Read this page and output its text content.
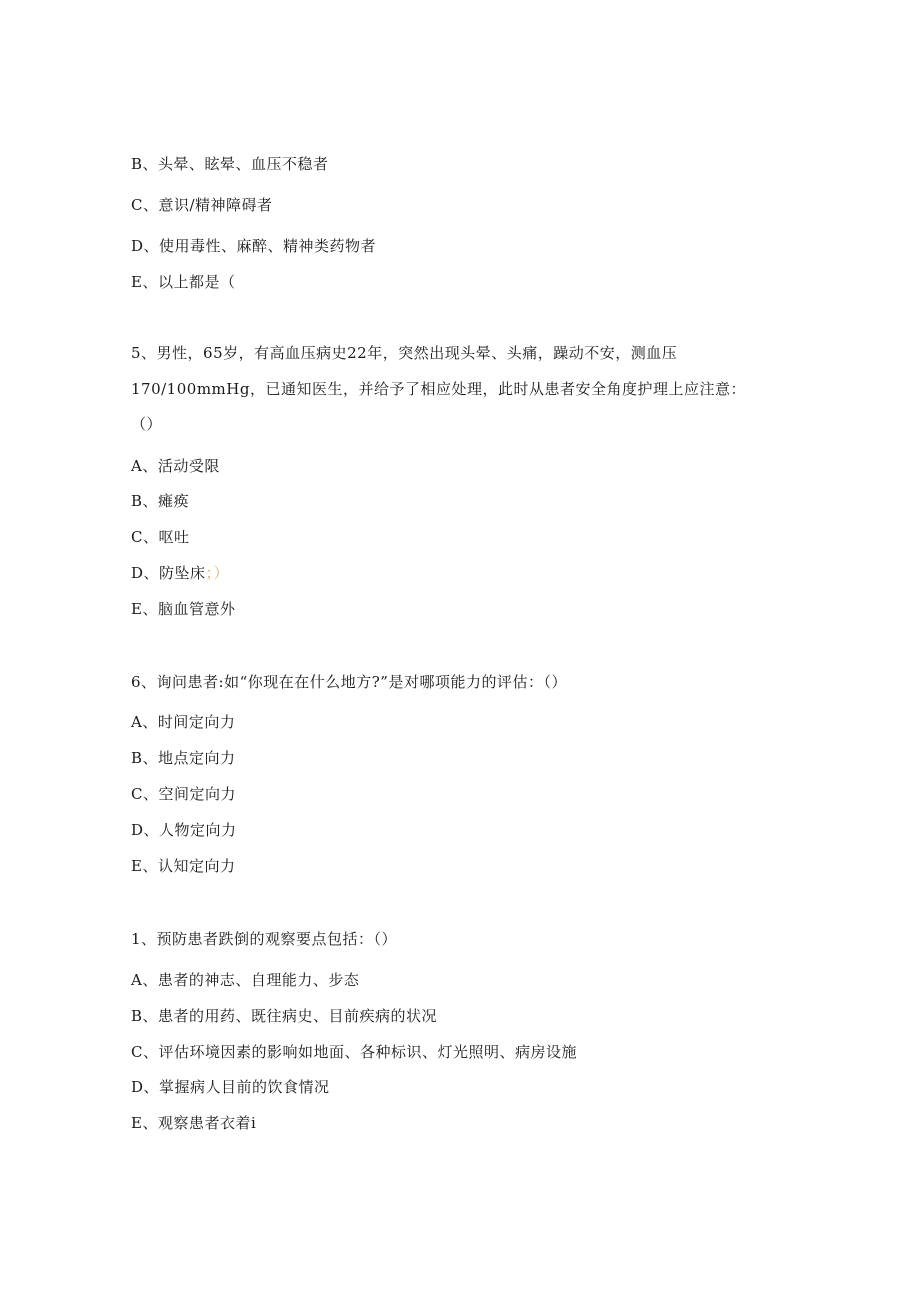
B、头晕、眩晕、血压不稳者
C、意识/精神障碍者
D、使用毒性、麻醉、精神类药物者
E、以上都是（
5、男性，65岁，有高血压病史22年，突然出现头晕、头痛，躁动不安，测血压
170/100mmHg，已通知医生，并给予了相应处理，此时从患者安全角度护理上应注意：
（）
A、活动受限
B、瘫痪
C、呕吐
D、防坠床；）
E、脑血管意外
6、询问患者:如“你现在在什么地方?”是对哪项能力的评估：（）
A、时间定向力
B、地点定向力
C、空间定向力
D、人物定向力
E、认知定向力
1、预防患者跌倒的观察要点包括：（）
A、患者的神志、自理能力、步态
B、患者的用药、既往病史、目前疾病的状况
C、评估环境因素的影响如地面、各种标识、灯光照明、病房设施
D、掌握病人目前的饮食情况
E、观察患者衣着i
